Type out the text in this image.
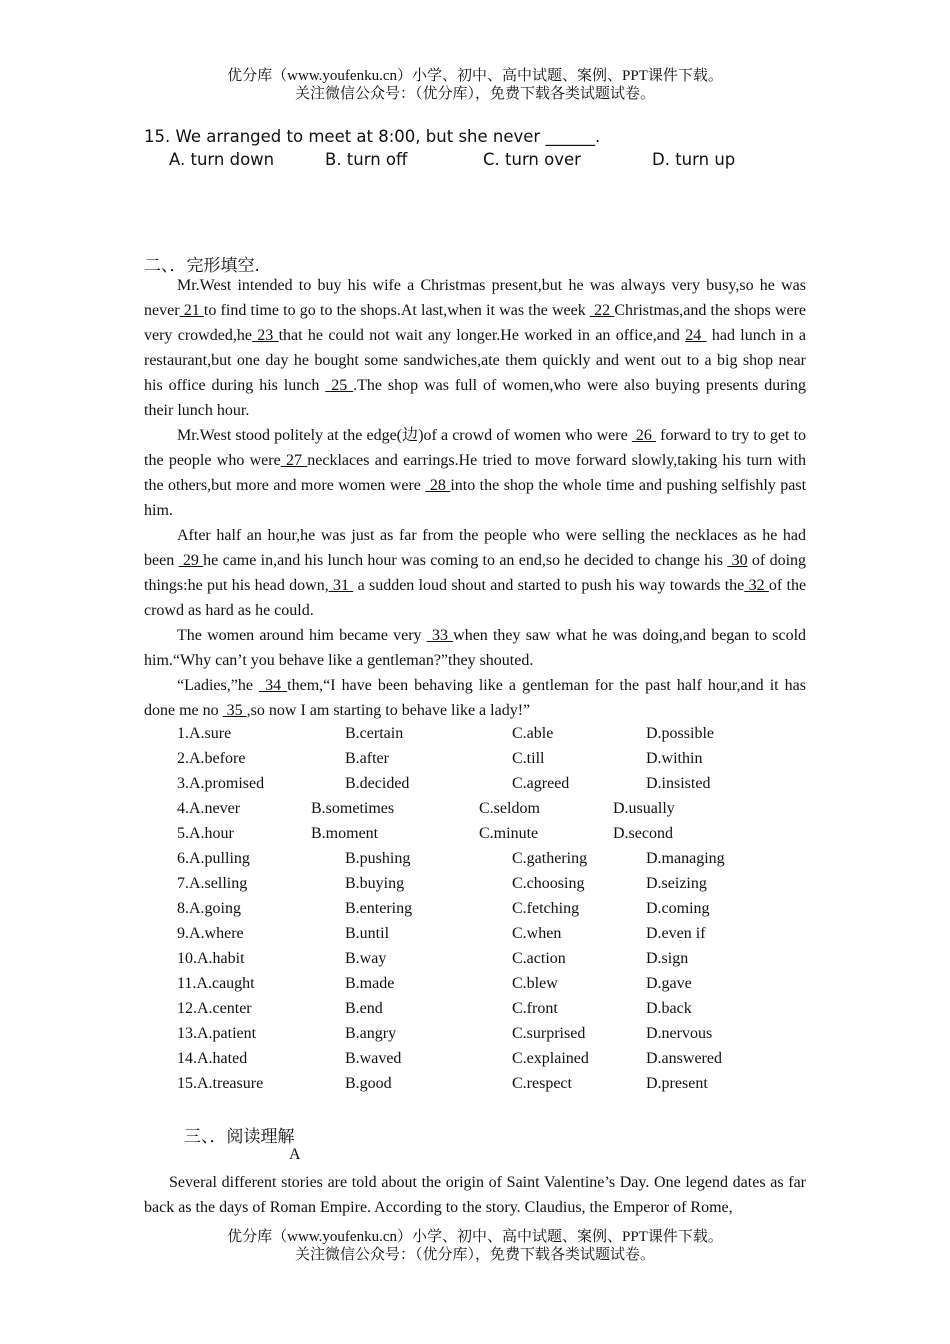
优分库（www.youfenku.cn）小学、初中、高中试题、案例、PPT课件下载。
关注微信公众号：（优分库），免费下载各类试题试卷。
15. We arranged to meet at 8:00, but she never ______.
A. turn down	B. turn off	C. turn over	D. turn up
二、．完形填空.

Mr.West intended to buy his wife a Christmas present,but he was always very busy,so he was never 21 to find time to go to the shops.At last,when it was the week  22 Christmas,and the shops were very crowded,he 23 that he could not wait any longer.He worked in an office,and 24  had lunch in a restaurant,but one day he bought some sandwiches,ate them quickly and went out to a big shop near his office during his lunch  25 .The shop was full of women,who were also buying presents during their lunch hour.

Mr.West stood politely at the edge(边)of a crowd of women who were  26  forward to try to get to the people who were 27 necklaces and earrings.He tried to move forward slowly,taking his turn with the others,but more and more women were  28 into the shop the whole time and pushing selfishly past him.

After half an hour,he was just as far from the people who were selling the necklaces as he had been  29 he came in,and his lunch hour was coming to an end,so he decided to change his  30 of doing things:he put his head down, 31  a sudden loud shout and started to push his way towards the 32 of the crowd as hard as he could.

The women around him became very  33 when they saw what he was doing,and began to scold him.“Why can’t you behave like a gentleman?”they shouted.

“Ladies,”he  34 them,“I have been behaving like a gentleman for the past half hour,and it has done me no  35 ,so now I am starting to behave like a lady!”

1.A.sure	B.certain	C.able	D.possible
2.A.before	B.after	C.till	D.within
3.A.promised	B.decided	C.agreed	D.insisted
4.A.never	B.sometimes	C.seldom	D.usually
5.A.hour	B.moment	C.minute	D.second
6.A.pulling	B.pushing	C.gathering	D.managing
7.A.selling	B.buying	C.choosing	D.seizing
8.A.going	B.entering	C.fetching	D.coming
9.A.where	B.until	C.when	D.even if
10.A.habit	B.way	C.action	D.sign
11.A.caught	B.made	C.blew	D.gave
12.A.center	B.end	C.front	D.back
13.A.patient	B.angry	C.surprised	D.nervous
14.A.hated	B.waved	C.explained	D.answered
15.A.treasure	B.good	C.respect	D.present
三、．阅读理解
A

Several different stories are told about the origin of Saint Valentine’s Day. One legend dates as far back as the days of Roman Empire. According to the story. Claudius, the Emperor of Rome,

优分库（www.youfenku.cn）小学、初中、高中试题、案例、PPT课件下载。
关注微信公众号：（优分库），免费下载各类试题试卷。
